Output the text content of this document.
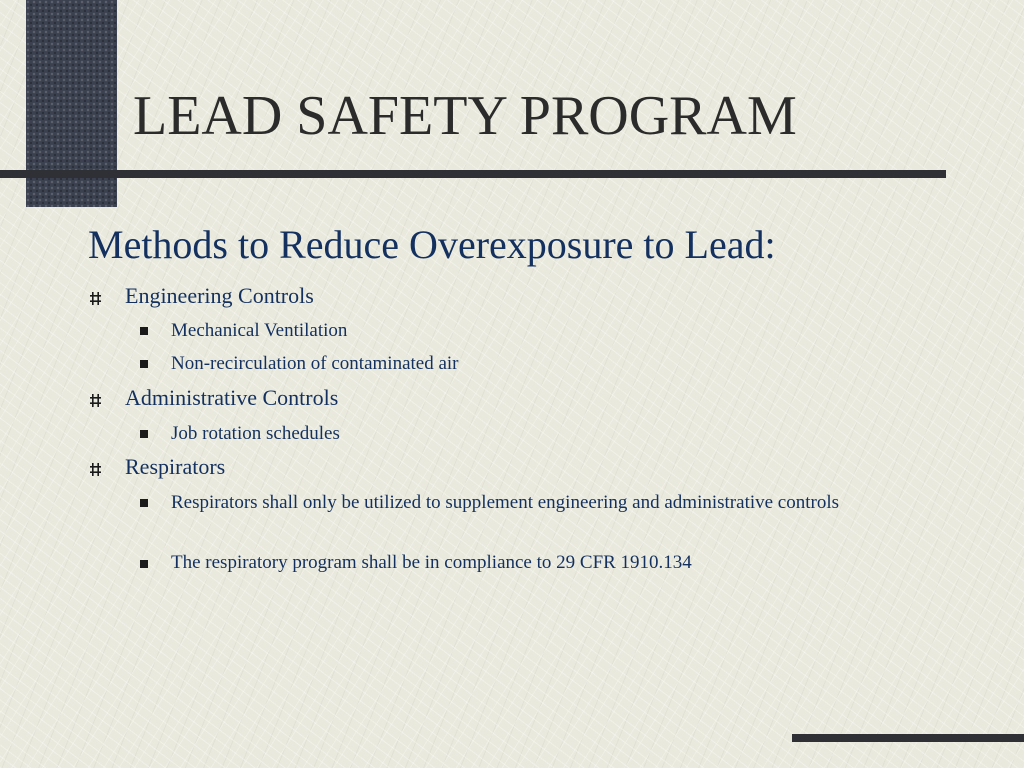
LEAD SAFETY PROGRAM
Methods to Reduce Overexposure to Lead:
Engineering Controls
Mechanical Ventilation
Non-recirculation of contaminated air
Administrative Controls
Job rotation schedules
Respirators
Respirators shall only be utilized to supplement engineering and administrative controls
The respiratory program shall be in compliance to 29 CFR 1910.134
